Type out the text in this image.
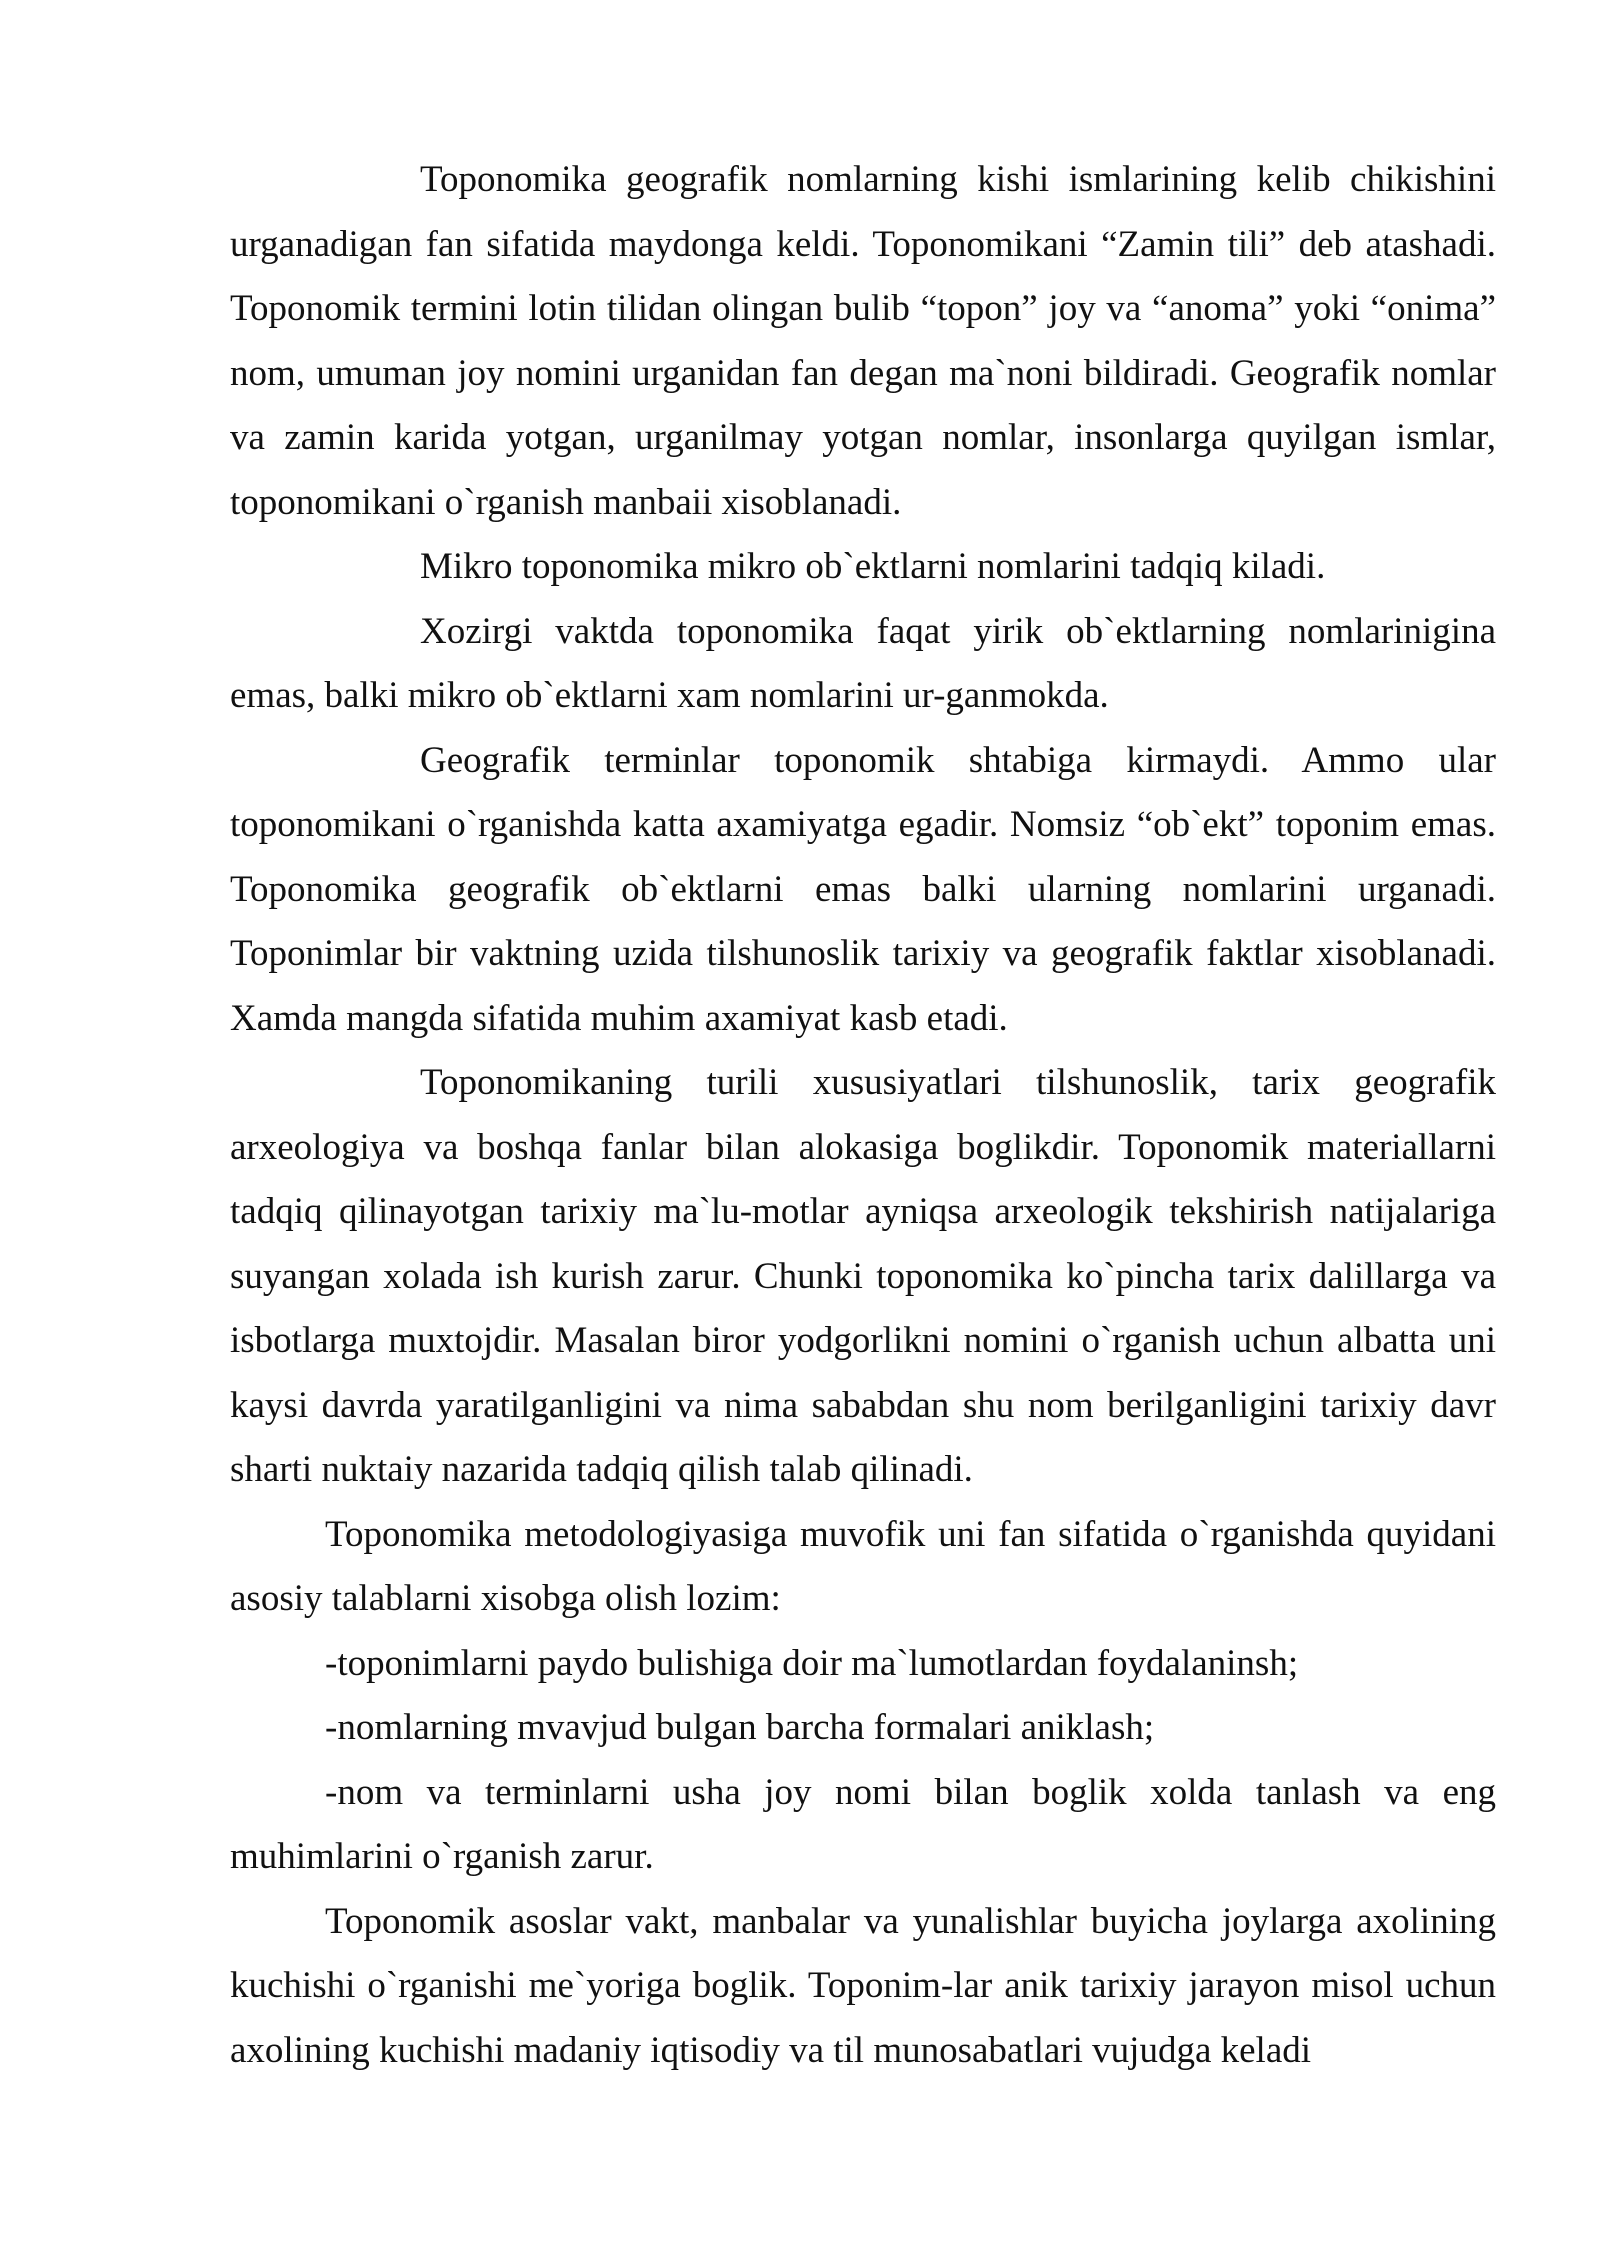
Toponomika geografik nomlarning kishi ismlarining kelib chikishini urganadigan fan sifatida maydonga keldi. Toponomikani “Zamin tili” deb atashadi. Toponomik termini lotin tilidan olingan bulib “topon” joy va “anoma” yoki “onima” nom, umuman joy nomini urganidan fan degan ma`noni bildiradi. Geografik nomlar va zamin karida yotgan, urganilmay yotgan nomlar, insonlarga quyilgan ismlar, toponomikani o`rganish manbaii xisoblanadi.

Mikro toponomika mikro ob`ektlarni nomlarini tadqiq kiladi.

Xozirgi vaktda toponomika faqat yirik ob`ektlarning nomlarinigina emas, balki mikro ob`ektlarni xam nomlarini ur-ganmokda.

Geografik terminlar toponomik shtabiga kirmaydi. Ammo ular toponomikani o`rganishda katta axamiyatga egadir. Nomsiz “ob`ekt” toponim emas. Toponomika geografik ob`ektlarni emas balki ularning nomlarini urganadi. Toponimlar bir vaktning uzida tilshunoslik tarixiy va geografik faktlar xisoblanadi. Xamda mangda sifatida muhim axamiyat kasb etadi.

Toponomikaning turili xususiyatlari tilshunoslik, tarix geografik arxeologiya va boshqa fanlar bilan alokasiga boglikdir. Toponomik materiallarni tadqiq qilinayotgan tarixiy ma`lu-motlar ayniqsa arxeologik tekshirish natijalariga suyangan xolada ish kurish zarur. Chunki toponomika ko`pincha tarix dalillarga va isbotlarga muxtojdir. Masalan biror yodgorlikni nomini o`rganish uchun albatta uni kaysi davrda yaratilganligini va nima sababdan shu nom berilganligini tarixiy davr sharti nuktaiy nazarida tadqiq qilish talab qilinadi.

Toponomika metodologiyasiga muvofik uni fan sifatida o`rganishda quyidani asosiy talablarni xisobga olish lozim:

-toponimlarni paydo bulishiga doir ma`lumotlardan foydalaninsh;

-nomlarning mvavjud bulgan barcha formalari aniklash;

-nom va terminlarni usha joy nomi bilan boglik xolda tanlash va eng muhimlarini o`rganish zarur.

Toponomik asoslar vakt, manbalar va yunalishlar buyicha joylarga axolining kuchishi o`rganishi me`yoriga boglik. Toponim-lar anik tarixiy jarayon misol uchun axolining kuchishi madaniy iqtisodiy va til munosabatlari vujudga keladi
